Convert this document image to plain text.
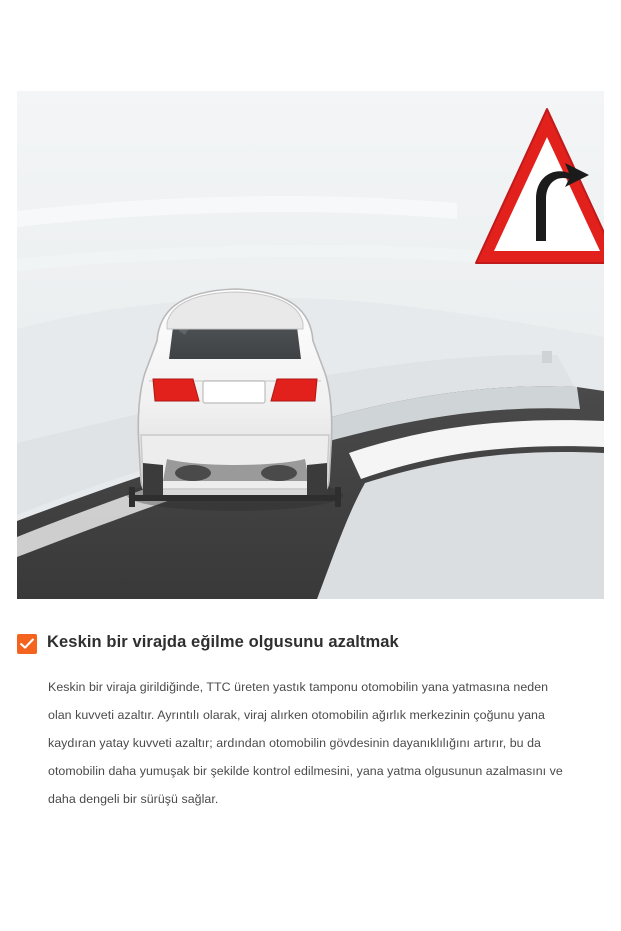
Keskin bir virajda eğilme olgusunu azaltmak

Keskin bir viraja girildiğinde, TTC üreten yastık tamponu otomobilin yana yatmasına neden olan kuvveti azaltır. Ayrıntılı olarak, viraj alırken otomobilin ağırlık merkezinin çoğunu yana kaydıran yatay kuvveti azaltır; ardından otomobilin gövdesinin dayanıklılığını artırır, bu da otomobilin daha yumuşak bir şekilde kontrol edilmesini, yana yatma olgusunun azalmasını ve daha dengeli bir sürüşü sağlar.
